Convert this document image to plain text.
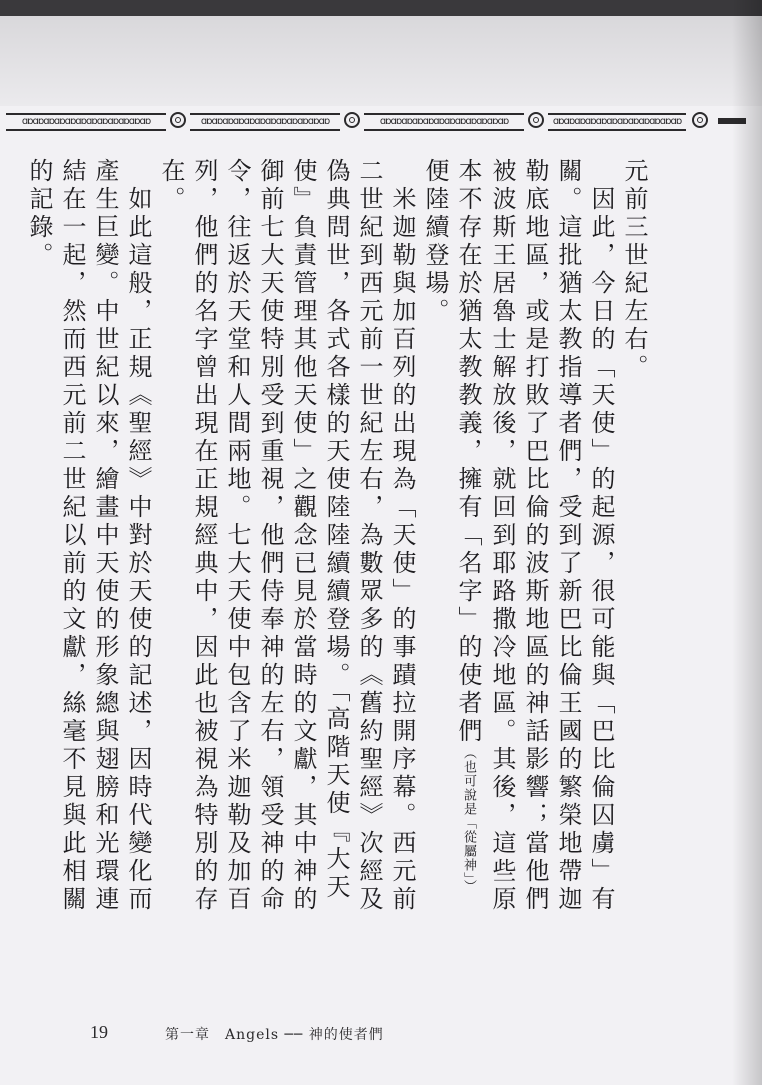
ɑɒɑɒɑɒɑɒɑɒɑɒɑɒɑɒɑɒɑɒɑɒɑɒ	ɑɒɑɒɑɒɑɒɑɒɑɒɑɒɑɒɑɒɑɒɑɒɑɒ	ɑɒɑɒɑɒɑɒɑɒɑɒɑɒɑɒɑɒɑɒɑɒɑɒ	ɑɒɑɒɑɒɑɒɑɒɑɒɑɒɑɒɑɒɑɒɑɒɑɒ

元前三世紀左右。

因此，今日的「天使」的起源，很可能與「巴比倫囚虜」有關。這批猶太教指導者們，受到了新巴比倫王國的繁榮地帶迦勒底地區，或是打敗了巴比倫的波斯地區的神話影響；當他們被波斯王居魯士解放後，就回到耶路撒冷地區。其後，這些原本不存在於猶太教教義，擁有「名字」的使者們（也可說是「從屬神」）便陸續登場。

米迦勒與加百列的出現為「天使」的事蹟拉開序幕。西元前二世紀到西元前一世紀左右，為數眾多的《舊約聖經》次經及偽典問世，各式各樣的天使陸陸續續登場。「高階天使『大天使』負責管理其他天使」之觀念已見於當時的文獻，其中神的御前七大天使特別受到重視，他們侍奉神的左右，領受神的命令，往返於天堂和人間兩地。七大天使中包含了米迦勒及加百列，他們的名字曾出現在正規經典中，因此也被視為特別的存在。

如此這般，正規《聖經》中對於天使的記述，因時代變化而產生巨變。中世紀以來，繪畫中天使的形象總與翅膀和光環連結在一起，然而西元前二世紀以前的文獻，絲毫不見與此相關的記錄。

19	第一章　Angels ── 神的使者們
